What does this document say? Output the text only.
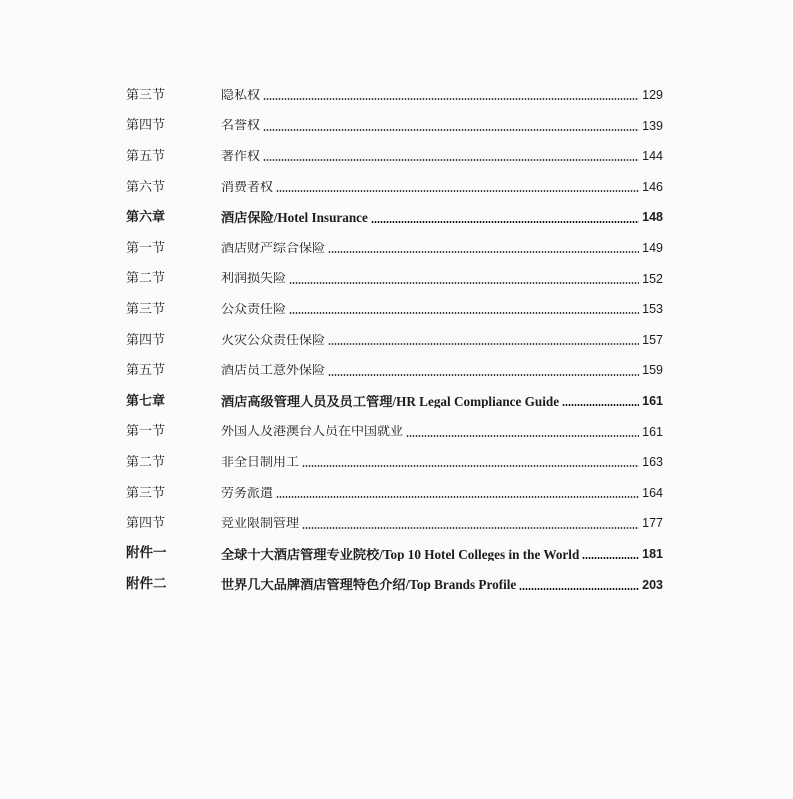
第三节	隐私权	129
第四节	名誉权	139
第五节	著作权	144
第六节	消费者权	146
第六章	酒店保险/Hotel Insurance	148
第一节	酒店财产综合保险	149
第二节	利润损失险	152
第三节	公众责任险	153
第四节	火灾公众责任保险	157
第五节	酒店员工意外保险	159
第七章	酒店高级管理人员及员工管理/HR Legal Compliance Guide	161
第一节	外国人及港澳台人员在中国就业	161
第二节	非全日制用工	163
第三节	劳务派遣	164
第四节	竞业限制管理	177
附件一	全球十大酒店管理专业院校/Top 10 Hotel Colleges in the World	181
附件二	世界几大品牌酒店管理特色介绍/Top Brands Profile	203
